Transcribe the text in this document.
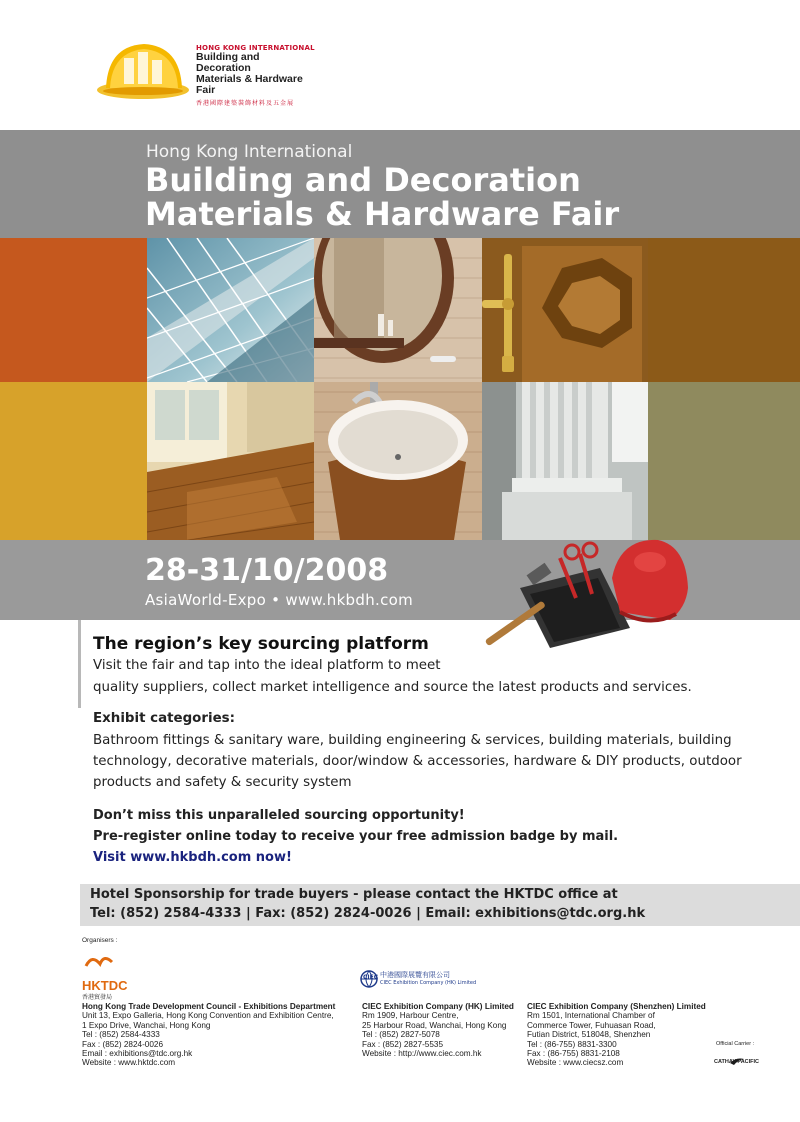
HONG KONG INTERNATIONAL
Building and Decoration
Materials & Hardware Fair
香港國際建築裝飾材料及五金展
Hong Kong International
Building and Decoration
Materials & Hardware Fair
28-31/10/2008
AsiaWorld-Expo • www.hkbdh.com
The region’s key sourcing platform
Visit the fair and tap into the ideal platform to meet
quality suppliers, collect market intelligence and source the latest products and services.
Exhibit categories:
Bathroom fittings & sanitary ware, building engineering & services, building materials, building
technology, decorative materials, door/window & accessories, hardware & DIY products, outdoor
products and safety & security system
Don’t miss this unparalleled sourcing opportunity!
Pre-register online today to receive your free admission badge by mail.
Visit www.hkbdh.com now!
Hotel Sponsorship for trade buyers - please contact the HKTDC office at
Tel: (852) 2584-4333 | Fax: (852) 2824-0026 | Email: exhibitions@tdc.org.hk
Organisers :
HKTDC
香港貿發局
CIEC 中港國際展覽有限公司
CIEC Exhibition Company (HK) Limited
Hong Kong Trade Development Council - Exhibitions Department
Unit 13, Expo Galleria, Hong Kong Convention and Exhibition Centre,
1 Expo Drive, Wanchai, Hong Kong
Tel : (852) 2584-4333
Fax : (852) 2824-0026
Email : exhibitions@tdc.org.hk
Website : www.hktdc.com
CIEC Exhibition Company (HK) Limited
Rm 1909, Harbour Centre,
25 Harbour Road, Wanchai, Hong Kong
Tel : (852) 2827-5078
Fax : (852) 2827-5535
Website : http://www.ciec.com.hk
CIEC Exhibition Company (Shenzhen) Limited
Rm 1501, International Chamber of
Commerce Tower, Fuhuasan Road,
Futian District, 518048, Shenzhen
Tel : (86-755) 8831-3300
Fax : (86-755) 8831-2108
Website : www.ciecsz.com
Official Carrier :
CATHAY PACIFIC
